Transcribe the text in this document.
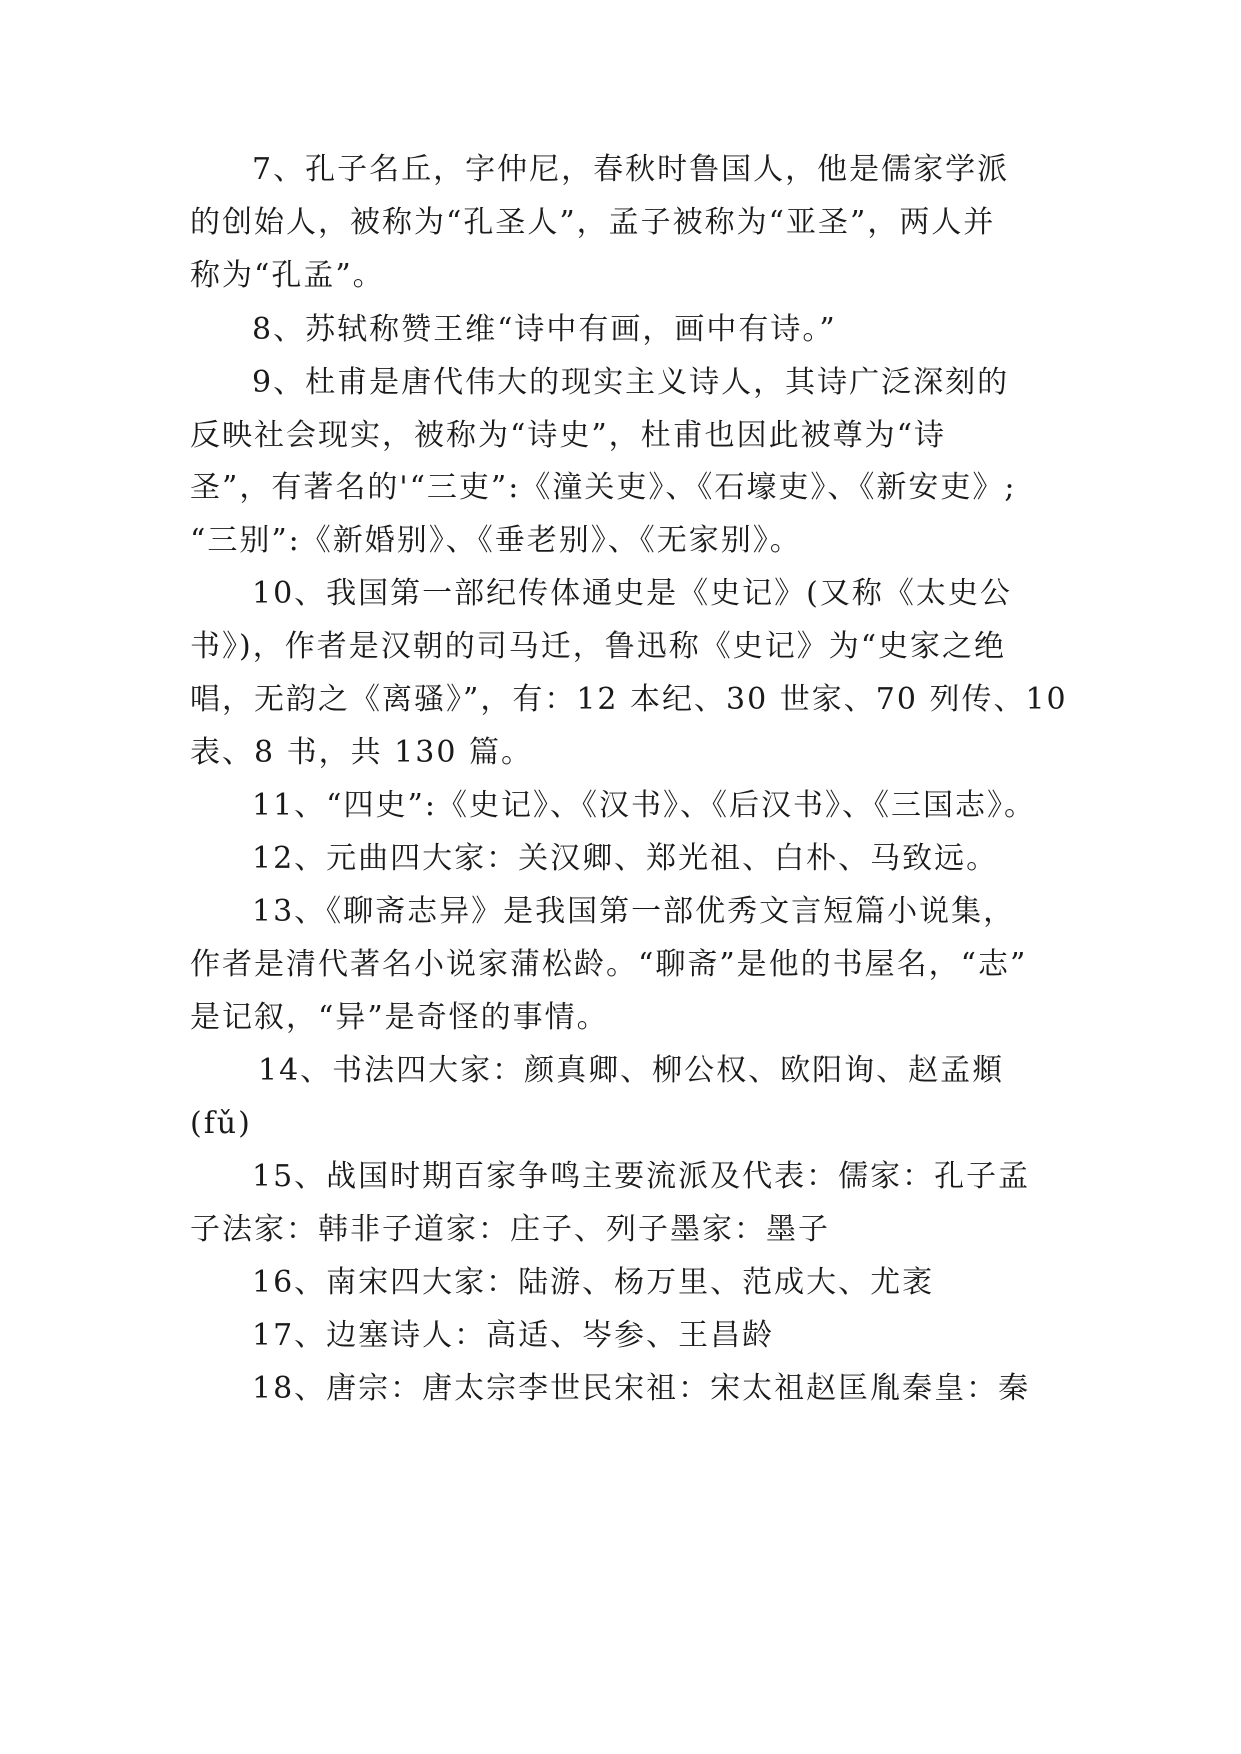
7、孔子名丘，字仲尼，春秋时鲁国人，他是儒家学派
的创始人，被称为“孔圣人”，孟子被称为“亚圣”，两人并
称为“孔孟”。
8、苏轼称赞王维“诗中有画，画中有诗。”
9、杜甫是唐代伟大的现实主义诗人，其诗广泛深刻的
反映社会现实，被称为“诗史”，杜甫也因此被尊为“诗
圣”，有著名的'“三吏”:《潼关吏》、《石壕吏》、《新安吏》;
“三别”:《新婚别》、《垂老别》、《无家别》。
10、我国第一部纪传体通史是《史记》(又称《太史公
书》)，作者是汉朝的司马迁，鲁迅称《史记》为“史家之绝
唱，无韵之《离骚》”，有：12 本纪、30 世家、70 列传、10
表、8 书，共 130 篇。
11、“四史”:《史记》、《汉书》、《后汉书》、《三国志》。
12、元曲四大家：关汉卿、郑光祖、白朴、马致远。
13、《聊斋志异》是我国第一部优秀文言短篇小说集，
作者是清代著名小说家蒲松龄。“聊斋”是他的书屋名，“志”
是记叙，“异”是奇怪的事情。
14、书法四大家：颜真卿、柳公权、欧阳询、赵孟頫
(fǔ)
15、战国时期百家争鸣主要流派及代表：儒家：孔子孟
子法家：韩非子道家：庄子、列子墨家：墨子
16、南宋四大家：陆游、杨万里、范成大、尤袤
17、边塞诗人：高适、岑参、王昌龄
18、唐宗：唐太宗李世民宋祖：宋太祖赵匡胤秦皇：秦
